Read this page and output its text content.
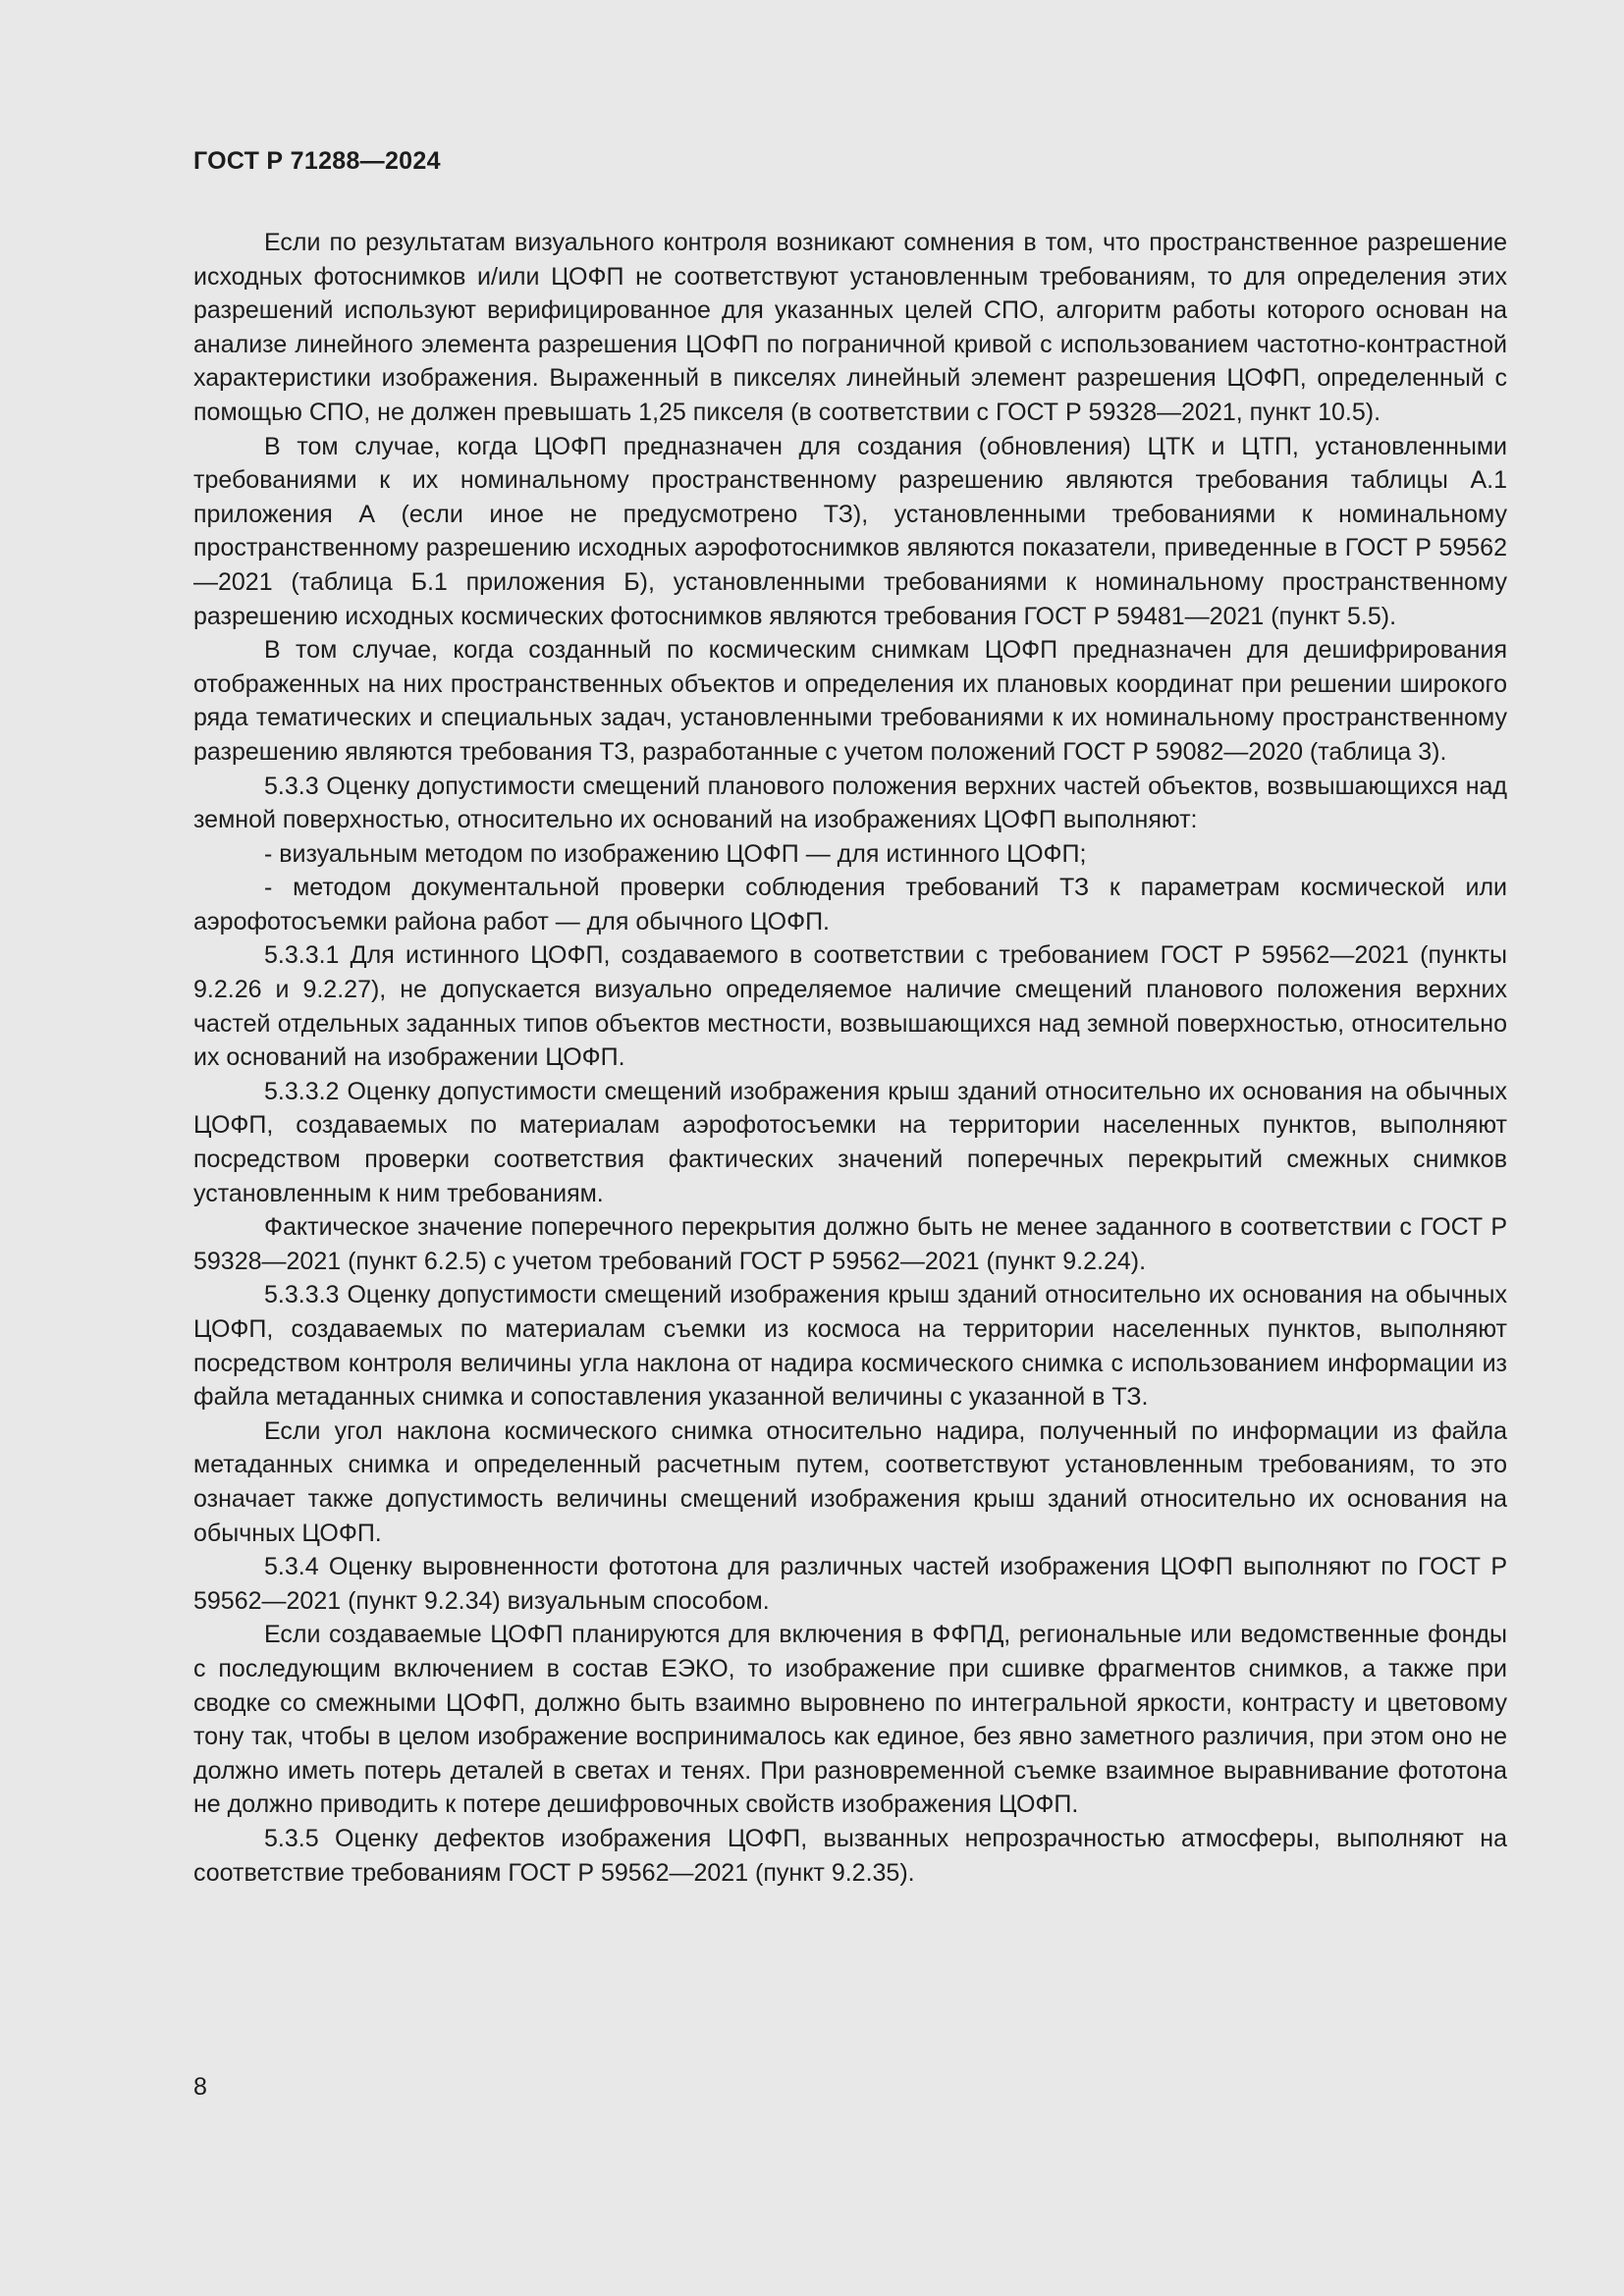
ГОСТ Р 71288—2024

Если по результатам визуального контроля возникают сомнения в том, что пространственное разрешение исходных фотоснимков и/или ЦОФП не соответствуют установленным требованиям, то для определения этих разрешений используют верифицированное для указанных целей СПО, алгоритм работы которого основан на анализе линейного элемента разрешения ЦОФП по пограничной кривой с использованием частотно-контрастной характеристики изображения. Выраженный в пикселях линейный элемент разрешения ЦОФП, определенный с помощью СПО, не должен превышать 1,25 пикселя (в соответствии с ГОСТ Р 59328—2021, пункт 10.5).

В том случае, когда ЦОФП предназначен для создания (обновления) ЦТК и ЦТП, установленными требованиями к их номинальному пространственному разрешению являются требования таблицы А.1 приложения А (если иное не предусмотрено ТЗ), установленными требованиями к номинальному пространственному разрешению исходных аэрофотоснимков являются показатели, приведенные в ГОСТ Р 59562—2021 (таблица Б.1 приложения Б), установленными требованиями к номинальному пространственному разрешению исходных космических фотоснимков являются требования ГОСТ Р 59481—2021 (пункт 5.5).

В том случае, когда созданный по космическим снимкам ЦОФП предназначен для дешифрирования отображенных на них пространственных объектов и определения их плановых координат при решении широкого ряда тематических и специальных задач, установленными требованиями к их номинальному пространственному разрешению являются требования ТЗ, разработанные с учетом положений ГОСТ Р 59082—2020 (таблица 3).

5.3.3 Оценку допустимости смещений планового положения верхних частей объектов, возвышающихся над земной поверхностью, относительно их оснований на изображениях ЦОФП выполняют:

- визуальным методом по изображению ЦОФП — для истинного ЦОФП;

- методом документальной проверки соблюдения требований ТЗ к параметрам космической или аэрофотосъемки района работ — для обычного ЦОФП.

5.3.3.1 Для истинного ЦОФП, создаваемого в соответствии с требованием ГОСТ Р 59562—2021 (пункты 9.2.26 и 9.2.27), не допускается визуально определяемое наличие смещений планового положения верхних частей отдельных заданных типов объектов местности, возвышающихся над земной поверхностью, относительно их оснований на изображении ЦОФП.

5.3.3.2 Оценку допустимости смещений изображения крыш зданий относительно их основания на обычных ЦОФП, создаваемых по материалам аэрофотосъемки на территории населенных пунктов, выполняют посредством проверки соответствия фактических значений поперечных перекрытий смежных снимков установленным к ним требованиям.

Фактическое значение поперечного перекрытия должно быть не менее заданного в соответствии с ГОСТ Р 59328—2021 (пункт 6.2.5) с учетом требований ГОСТ Р 59562—2021 (пункт 9.2.24).

5.3.3.3 Оценку допустимости смещений изображения крыш зданий относительно их основания на обычных ЦОФП, создаваемых по материалам съемки из космоса на территории населенных пунктов, выполняют посредством контроля величины угла наклона от надира космического снимка с использованием информации из файла метаданных снимка и сопоставления указанной величины с указанной в ТЗ.

Если угол наклона космического снимка относительно надира, полученный по информации из файла метаданных снимка и определенный расчетным путем, соответствуют установленным требованиям, то это означает также допустимость величины смещений изображения крыш зданий относительно их основания на обычных ЦОФП.

5.3.4 Оценку выровненности фототона для различных частей изображения ЦОФП выполняют по ГОСТ Р 59562—2021 (пункт 9.2.34) визуальным способом.

Если создаваемые ЦОФП планируются для включения в ФФПД, региональные или ведомственные фонды с последующим включением в состав ЕЭКО, то изображение при сшивке фрагментов снимков, а также при сводке со смежными ЦОФП, должно быть взаимно выровнено по интегральной яркости, контрасту и цветовому тону так, чтобы в целом изображение воспринималось как единое, без явно заметного различия, при этом оно не должно иметь потерь деталей в светах и тенях. При разновременной съемке взаимное выравнивание фототона не должно приводить к потере дешифровочных свойств изображения ЦОФП.

5.3.5 Оценку дефектов изображения ЦОФП, вызванных непрозрачностью атмосферы, выполняют на соответствие требованиям ГОСТ Р 59562—2021 (пункт 9.2.35).

8
